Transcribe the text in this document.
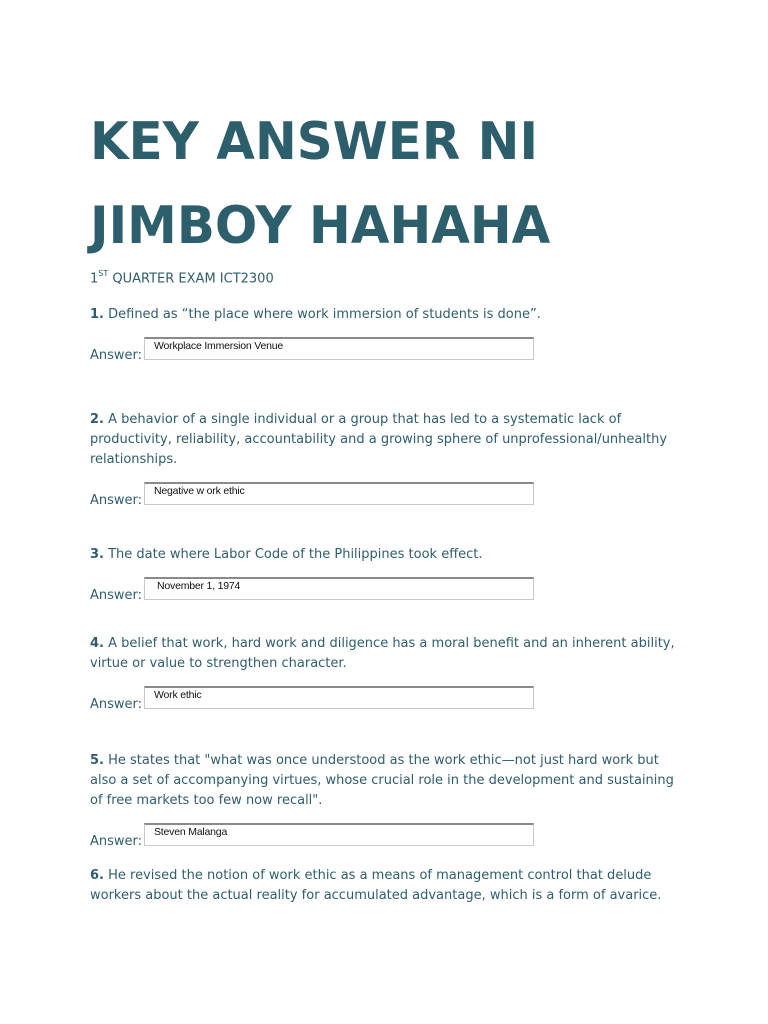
KEY ANSWER NI
JIMBOY HAHAHA
1ST QUARTER EXAM ICT2300
1. Defined as “the place where work immersion of students is done”.
Answer:
Workplace Immersion Venue
2. A behavior of a single individual or a group that has led to a systematic lack of productivity, reliability, accountability and a growing sphere of unprofessional/unhealthy relationships.
Answer:
Negative w ork ethic
3. The date where Labor Code of the Philippines took effect.
Answer:
November 1, 1974
4. A belief that work, hard work and diligence has a moral benefit and an inherent ability, virtue or value to strengthen character.
Answer:
Work ethic
5. He states that "what was once understood as the work ethic—not just hard work but also a set of accompanying virtues, whose crucial role in the development and sustaining of free markets too few now recall".
Answer:
Steven Malanga
6. He revised the notion of work ethic as a means of management control that delude workers about the actual reality for accumulated advantage, which is a form of avarice.
